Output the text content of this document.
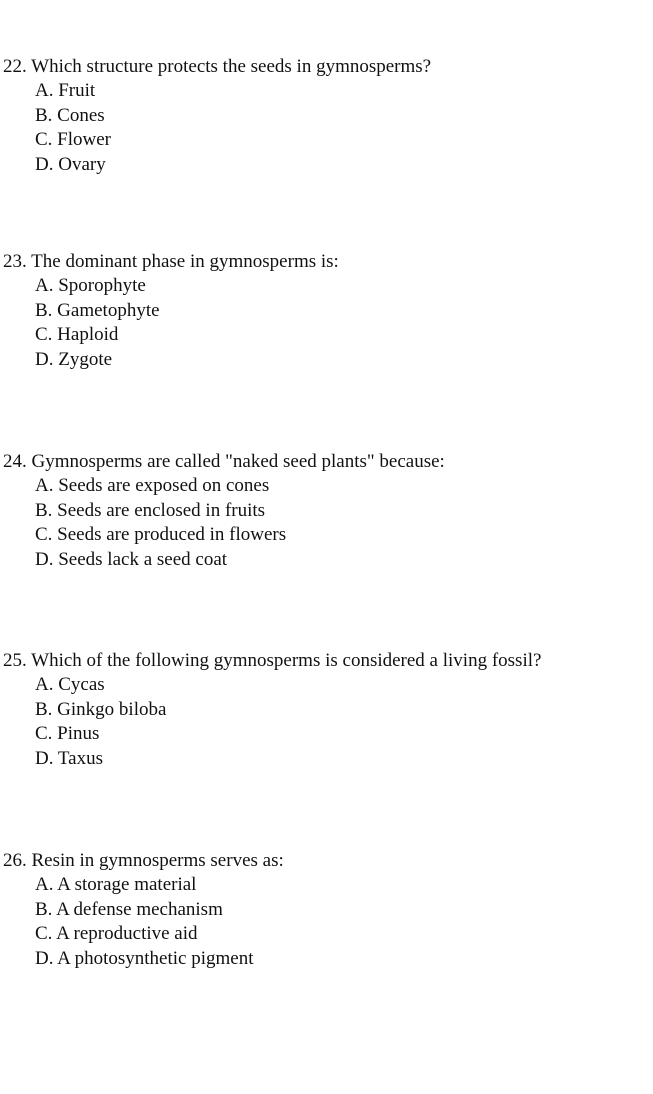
22. Which structure protects the seeds in gymnosperms?

A. Fruit

B. Cones

C. Flower

D. Ovary

23. The dominant phase in gymnosperms is:

A. Sporophyte

B. Gametophyte

C. Haploid

D. Zygote

24. Gymnosperms are called "naked seed plants" because:

A. Seeds are exposed on cones

B. Seeds are enclosed in fruits

C. Seeds are produced in flowers

D. Seeds lack a seed coat

25. Which of the following gymnosperms is considered a living fossil?

A. Cycas

B. Ginkgo biloba

C. Pinus

D. Taxus

26. Resin in gymnosperms serves as:

A. A storage material

B. A defense mechanism

C. A reproductive aid

D. A photosynthetic pigment
